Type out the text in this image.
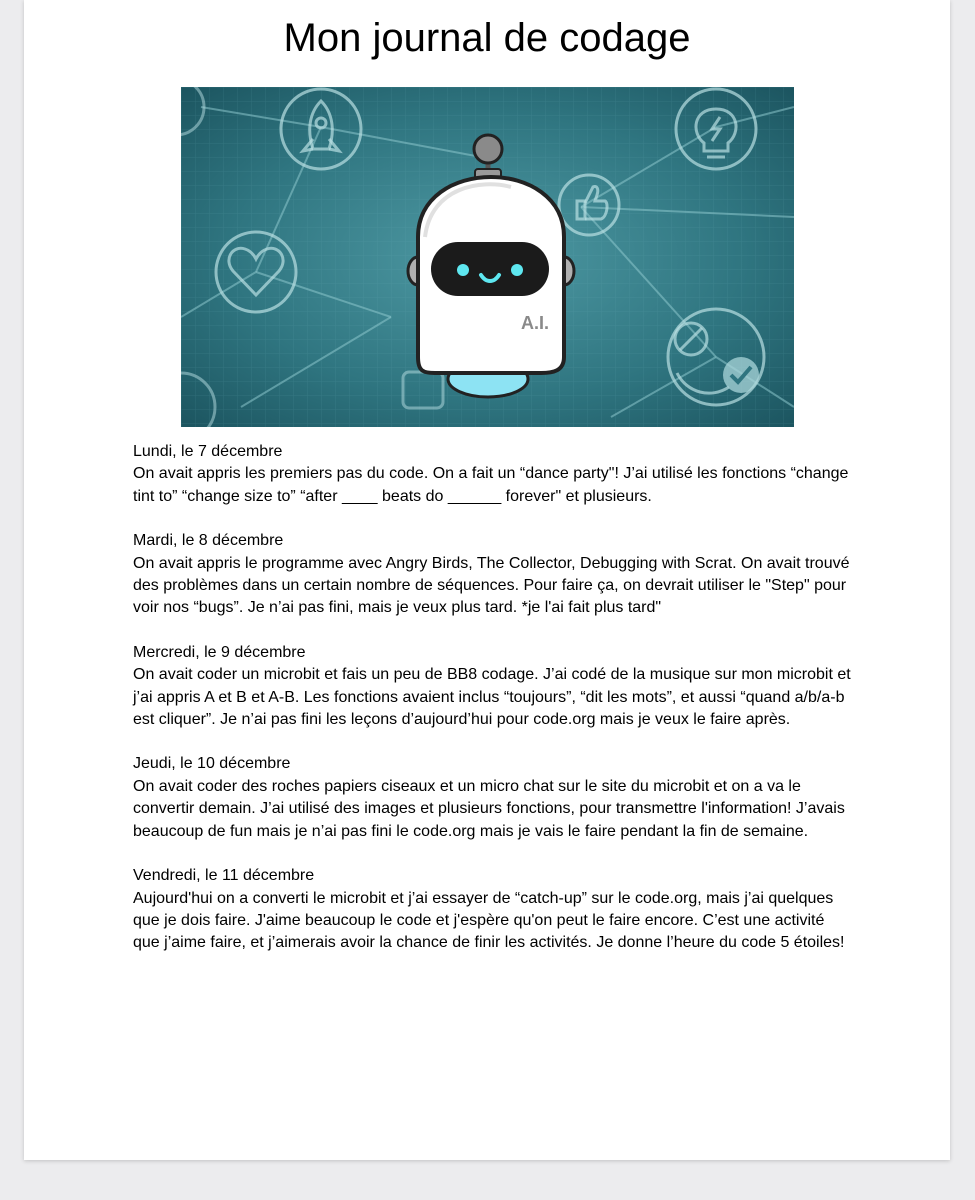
Mon journal de codage
A.I.
Lundi, le 7 décembre

On avait appris les premiers pas du code. On a fait un “dance party"! J’ai utilisé les fonctions “change tint to” “change size to” “after ____ beats do ______ forever" et plusieurs.

Mardi, le 8 décembre

On avait appris le programme avec Angry Birds, The Collector, Debugging with Scrat. On avait trouvé des problèmes dans un certain nombre de séquences. Pour faire ça, on devrait utiliser le "Step" pour voir nos “bugs”. Je n’ai pas fini, mais je veux plus tard. *je l'ai fait plus tard"

Mercredi, le 9 décembre

On avait coder un microbit et fais un peu de BB8 codage. J’ai codé de la musique sur mon microbit et j’ai appris A et B et A-B. Les fonctions avaient inclus “toujours”, “dit les mots”, et aussi “quand a/b/a-b est cliquer”. Je n’ai pas fini les leçons d’aujourd’hui pour code.org mais je veux le faire après.

Jeudi, le 10 décembre

On avait coder des roches papiers ciseaux et un micro chat sur le site du microbit et on a va le convertir demain. J’ai utilisé des images et plusieurs fonctions, pour transmettre l'information! J’avais beaucoup de fun mais je n’ai pas fini le code.org mais je vais le faire pendant la fin de semaine.

Vendredi, le 11 décembre

Aujourd'hui on a converti le microbit et j’ai essayer de “catch-up” sur le code.org, mais j’ai quelques que je dois faire. J'aime beaucoup le code et j'espère qu'on peut le faire encore. C’est une activité que j’aime faire, et j’aimerais avoir la chance de finir les activités. Je donne l’heure du code 5 étoiles!
